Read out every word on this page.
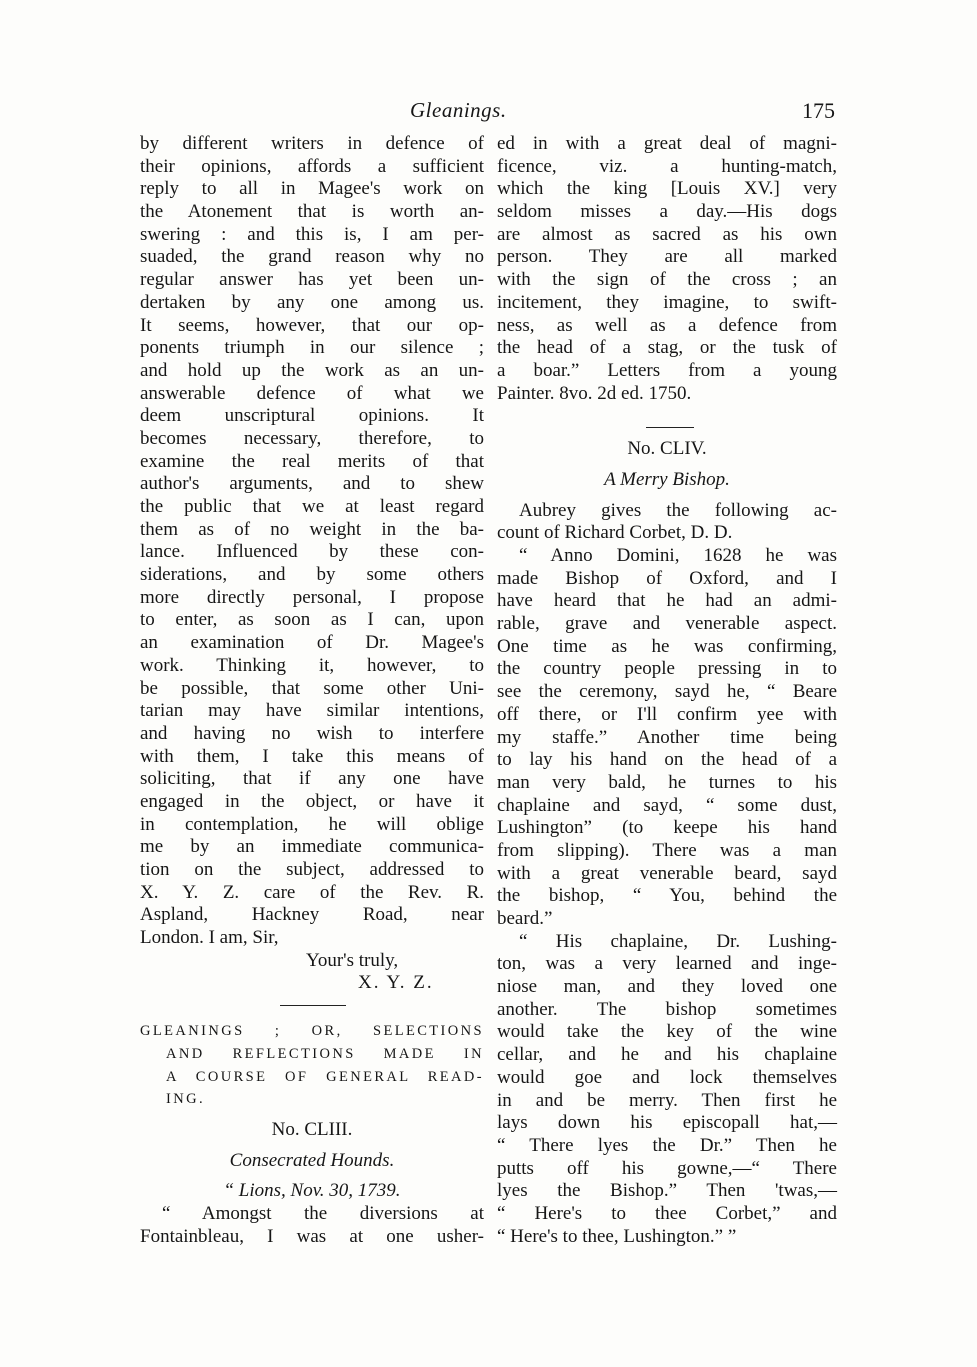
Gleanings.	175
by different writers in defence of
their opinions, affords a sufficient
reply to all in Magee's work on
the Atonement that is worth an-
swering : and this is, I am per-
suaded, the grand reason why no
regular answer has yet been un-
dertaken by any one among us.
It seems, however, that our op-
ponents triumph in our silence ;
and hold up the work as an un-
answerable defence of what we
deem unscriptural opinions. It
becomes necessary, therefore, to
examine the real merits of that
author's arguments, and to shew
the public that we at least regard
them as of no weight in the ba-
lance. Influenced by these con-
siderations, and by some others
more directly personal, I propose
to enter, as soon as I can, upon
an examination of Dr. Magee's
work. Thinking it, however, to
be possible, that some other Uni-
tarian may have similar intentions,
and having no wish to interfere
with them, I take this means of
soliciting, that if any one have
engaged in the object, or have it
in contemplation, he will oblige
me by an immediate communica-
tion on the subject, addressed to
X. Y. Z. care of the Rev. R.
Aspland, Hackney Road, near
London. I am, Sir,
Your's truly,
X. Y. Z.
GLEANINGS ; OR, SELECTIONS
AND REFLECTIONS MADE IN
A COURSE OF GENERAL READ-
ING.
No. CLIII.
Consecrated Hounds.
“ Lions, Nov. 30, 1739.
“ Amongst the diversions at
Fontainbleau, I was at one usher-
ed in with a great deal of magni-
ficence, viz. a hunting-match,
which the king [Louis XV.] very
seldom misses a day.—His dogs
are almost as sacred as his own
person. They are all marked
with the sign of the cross ; an
incitement, they imagine, to swift-
ness, as well as a defence from
the head of a stag, or the tusk of
a boar.” Letters from a young
Painter. 8vo. 2d ed. 1750.
No. CLIV.
A Merry Bishop.
Aubrey gives the following ac-
count of Richard Corbet, D. D.
“ Anno Domini, 1628 he was
made Bishop of Oxford, and I
have heard that he had an admi-
rable, grave and venerable aspect.
One time as he was confirming,
the country people pressing in to
see the ceremony, sayd he, “ Beare
off there, or I'll confirm yee with
my staffe.” Another time being
to lay his hand on the head of a
man very bald, he turnes to his
chaplaine and sayd, “ some dust,
Lushington” (to keepe his hand
from slipping). There was a man
with a great venerable beard, sayd
the bishop, “ You, behind the
beard.”
“ His chaplaine, Dr. Lushing-
ton, was a very learned and inge-
niose man, and they loved one
another. The bishop sometimes
would take the key of the wine
cellar, and he and his chaplaine
would goe and lock themselves
in and be merry. Then first he
lays down his episcopall hat,—
“ There lyes the Dr.” Then he
putts off his gowne,—“ There
lyes the Bishop.” Then 'twas,—
“ Here's to thee Corbet,” and
“ Here's to thee, Lushington.” ”
